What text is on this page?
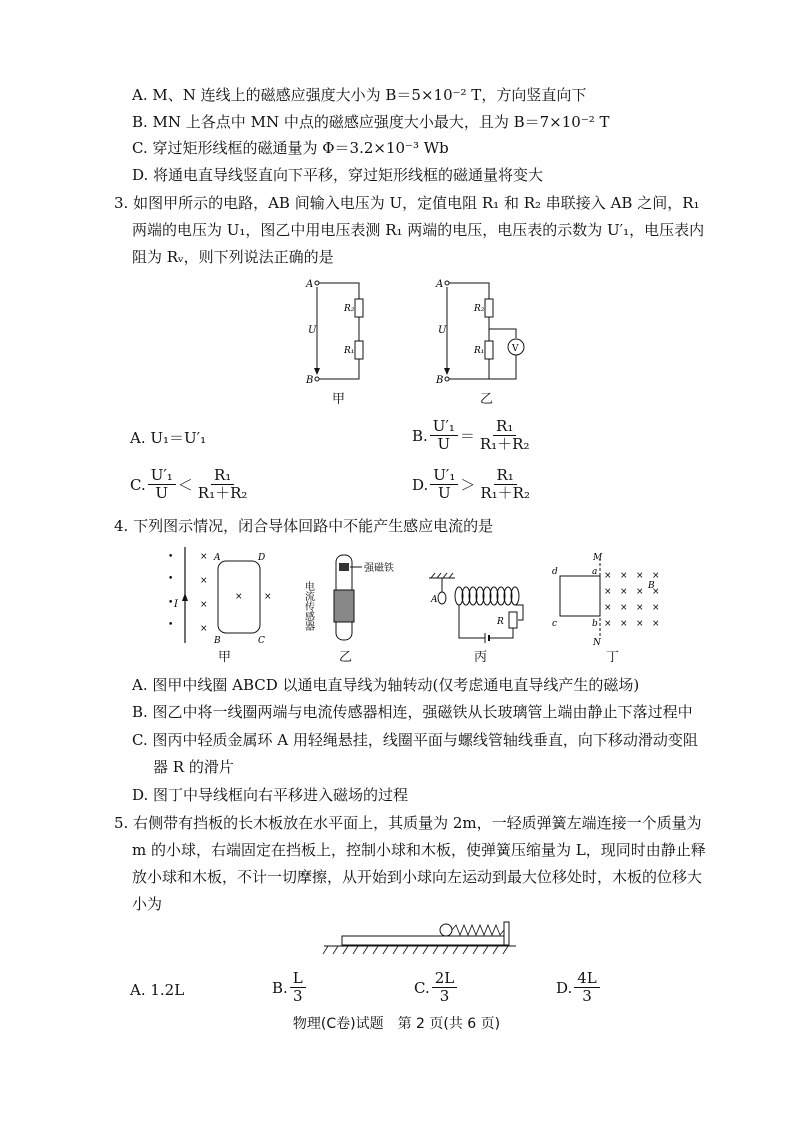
A. M、N 连线上的磁感应强度大小为 B＝5×10⁻² T，方向竖直向下
B. MN 上各点中 MN 中点的磁感应强度大小最大，且为 B＝7×10⁻² T
C. 穿过矩形线框的磁通量为 Φ＝3.2×10⁻³ Wb
D. 将通电直导线竖直向下平移，穿过矩形线框的磁通量将变大
3. 如图甲所示的电路，AB 间输入电压为 U，定值电阻 R₁ 和 R₂ 串联接入 AB 之间，R₁
两端的电压为 U₁，图乙中用电压表测 R₁ 两端的电压，电压表的示数为 U′₁，电压表内
阻为 Rᵥ，则下列说法正确的是
A
B
U
R₂
R₁
甲
A
B
U
R₂
R₁	V
乙
A. U₁＝U′₁	B. $\frac{\text{U′₁}}{U} = \frac{\text{R₁}}{\text{R₁＋R₂}}$
C. $\frac{\text{U′₁}}{U} < \frac{\text{R₁}}{\text{R₁＋R₂}}$	D. $\frac{\text{U′₁}}{U} > \frac{\text{R₁}}{\text{R₁＋R₂}}$
4. 下列图示情况，闭合导体回路中不能产生感应电流的是
•
•
•
•
×
×
×
×
× ×
I
A	D
B	C
甲
强磁铁
电流传感器
乙
A
R
丙
× × × ×
× × × ×
× × × ×
× × × ×
M
N
a
b
d
c
B
丁
A. 图甲中线圈 ABCD 以通电直导线为轴转动(仅考虑通电直导线产生的磁场)
B. 图乙中将一线圈两端与电流传感器相连，强磁铁从长玻璃管上端由静止下落过程中
C. 图丙中轻质金属环 A 用轻绳悬挂，线圈平面与螺线管轴线垂直，向下移动滑动变阻
器 R 的滑片
D. 图丁中导线框向右平移进入磁场的过程
5. 右侧带有挡板的长木板放在水平面上，其质量为 2m，一轻质弹簧左端连接一个质量为
m 的小球，右端固定在挡板上，控制小球和木板，使弹簧压缩量为 L，现同时由静止释
放小球和木板，不计一切摩擦，从开始到小球向左运动到最大位移处时，木板的位移大
小为
A. 1.2L	B. $\frac{L}{3}$	C. $\frac{2L}{3}$	D. $\frac{4L}{3}$
物理(C卷)试题　第 2 页(共 6 页)
